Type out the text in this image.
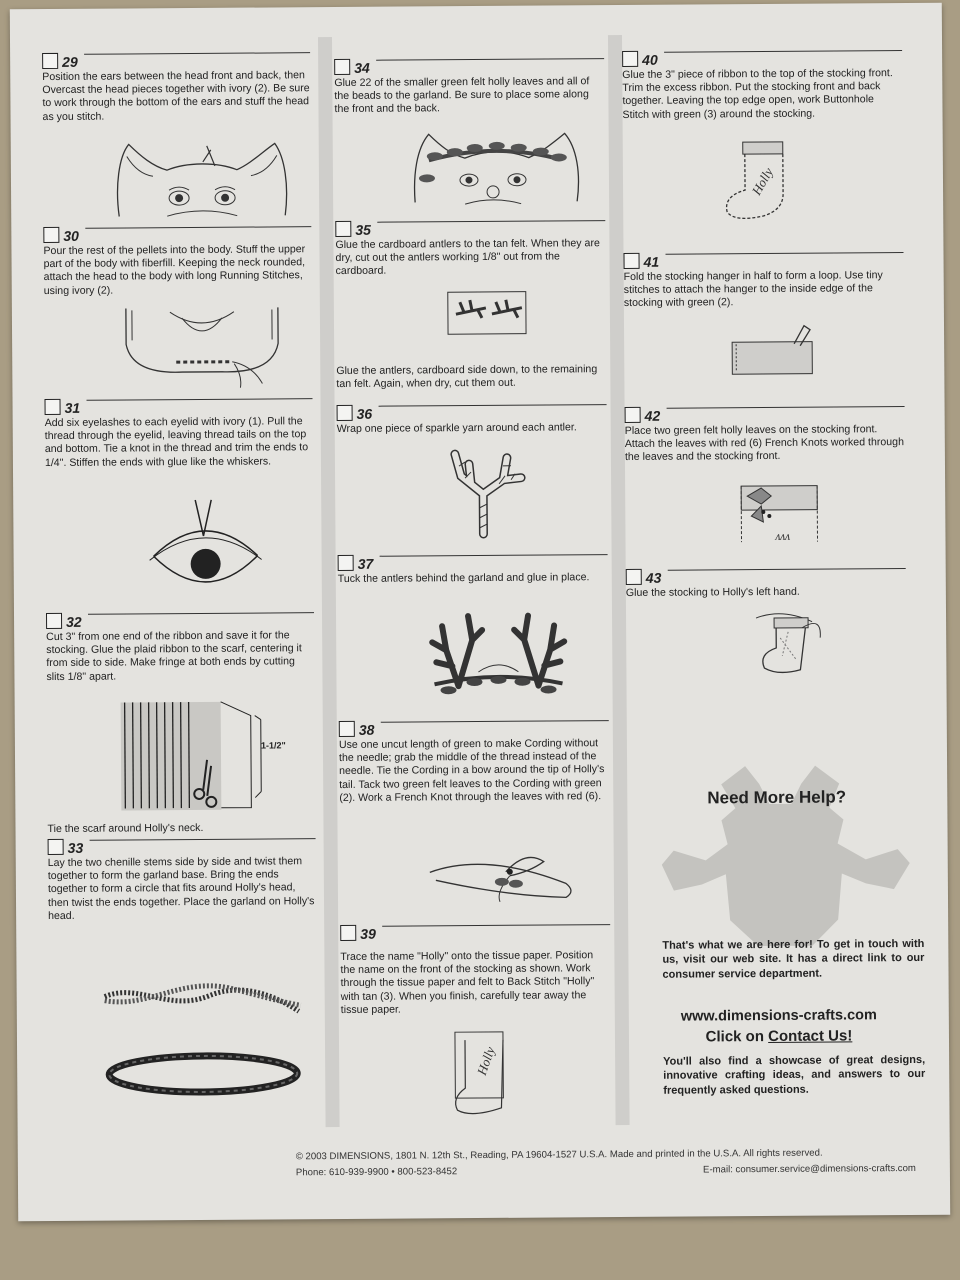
29
Position the ears between the head front and back, then Overcast the head pieces together with ivory (2). Be sure to work through the bottom of the ears and stuff the head as you stitch.
30
Pour the rest of the pellets into the body. Stuff the upper part of the body with fiberfill. Keeping the neck rounded, attach the head to the body with long Running Stitches, using ivory (2).
31
Add six eyelashes to each eyelid with ivory (1). Pull the thread through the eyelid, leaving thread tails on the top and bottom. Tie a knot in the thread and trim the ends to 1/4". Stiffen the ends with glue like the whiskers.
32
Cut 3" from one end of the ribbon and save it for the stocking. Glue the plaid ribbon to the scarf, centering it from side to side. Make fringe at both ends by cutting slits 1/8" apart.
1-1/2"
Tie the scarf around Holly's neck.
33
Lay the two chenille stems side by side and twist them together to form the garland base. Bring the ends together to form a circle that fits around Holly's head, then twist the ends together. Place the garland on Holly's head.
34
Glue 22 of the smaller green felt holly leaves and all of the beads to the garland. Be sure to place some along the front and the back.
35
Glue the cardboard antlers to the tan felt. When they are dry, cut out the antlers working 1/8" out from the cardboard.
Glue the antlers, cardboard side down, to the remaining tan felt. Again, when dry, cut them out.
36
Wrap one piece of sparkle yarn around each antler.
37
Tuck the antlers behind the garland and glue in place.
38
Use one uncut length of green to make Cording without the needle; grab the middle of the thread instead of the needle. Tie the Cording in a bow around the tip of Holly's tail. Tack two green felt leaves to the Cording with green (2). Work a French Knot through the leaves with red (6).
39
Trace the name "Holly" onto the tissue paper. Position the name on the front of the stocking as shown. Work through the tissue paper and felt to Back Stitch "Holly" with tan (3). When you finish, carefully tear away the tissue paper.
Holly
40
Glue the 3" piece of ribbon to the top of the stocking front. Trim the excess ribbon. Put the stocking front and back together. Leaving the top edge open, work Buttonhole Stitch with green (3) around the stocking.
Holly
41
Fold the stocking hanger in half to form a loop. Use tiny stitches to attach the hanger to the inside edge of the stocking with green (2).
42
Place two green felt holly leaves on the stocking front. Attach the leaves with red (6) French Knots worked through the leaves and the stocking front.
ᴧᴧᴧ
43
Glue the stocking to Holly's left hand.
Need More Help?
That's what we are here for! To get in touch with us, visit our web site. It has a direct link to our consumer service department.
www.dimensions-crafts.com
Click on Contact Us!
You'll also find a showcase of great designs, innovative crafting ideas, and answers to our frequently asked questions.
© 2003 DIMENSIONS, 1801 N. 12th St., Reading, PA 19604-1527 U.S.A. Made and printed in the U.S.A. All rights reserved.
Phone: 610-939-9900 • 800-523-8452	E-mail: consumer.service@dimensions-crafts.com
